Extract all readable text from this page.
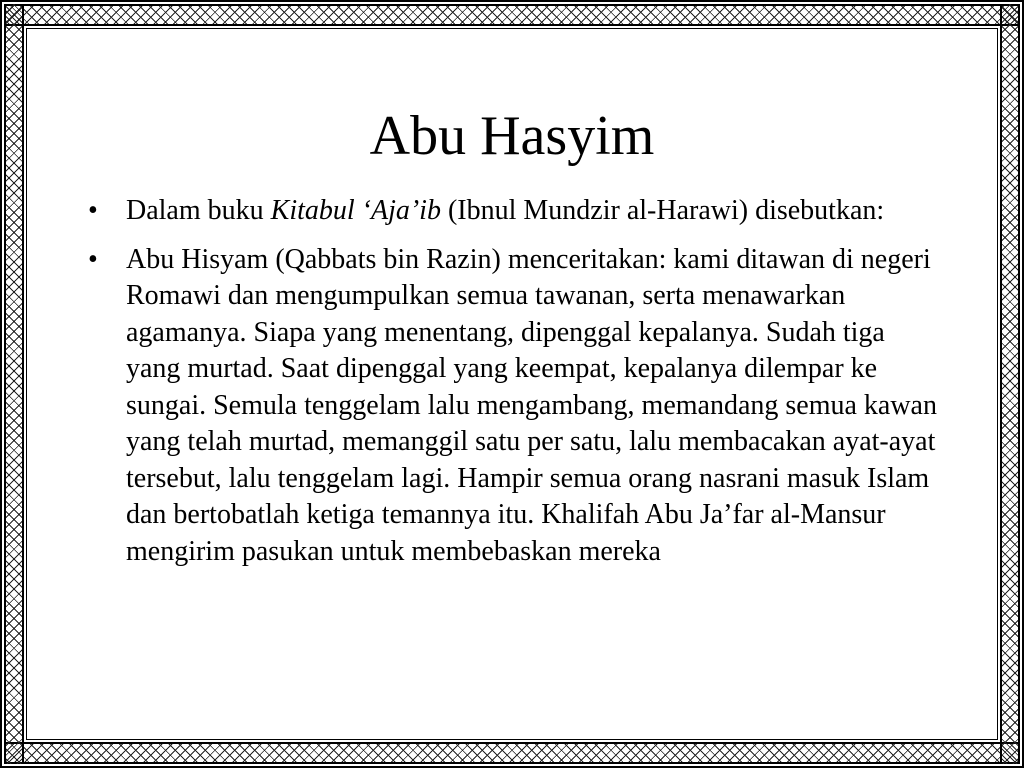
Abu Hasyim
• Dalam buku Kitabul ‘Aja’ib (Ibnul Mundzir al-Harawi) disebutkan:
• Abu Hisyam (Qabbats bin Razin) menceritakan: kami ditawan di negeri Romawi dan mengumpulkan semua tawanan, serta menawarkan agamanya. Siapa yang menentang, dipenggal kepalanya. Sudah tiga yang murtad. Saat dipenggal yang keempat, kepalanya dilempar ke sungai. Semula tenggelam lalu mengambang, memandang semua kawan yang telah murtad, memanggil satu per satu, lalu membacakan ayat-ayat tersebut, lalu tenggelam lagi. Hampir semua orang nasrani masuk Islam dan bertobatlah ketiga temannya itu. Khalifah Abu Ja’far al-Mansur mengirim pasukan untuk membebaskan mereka
